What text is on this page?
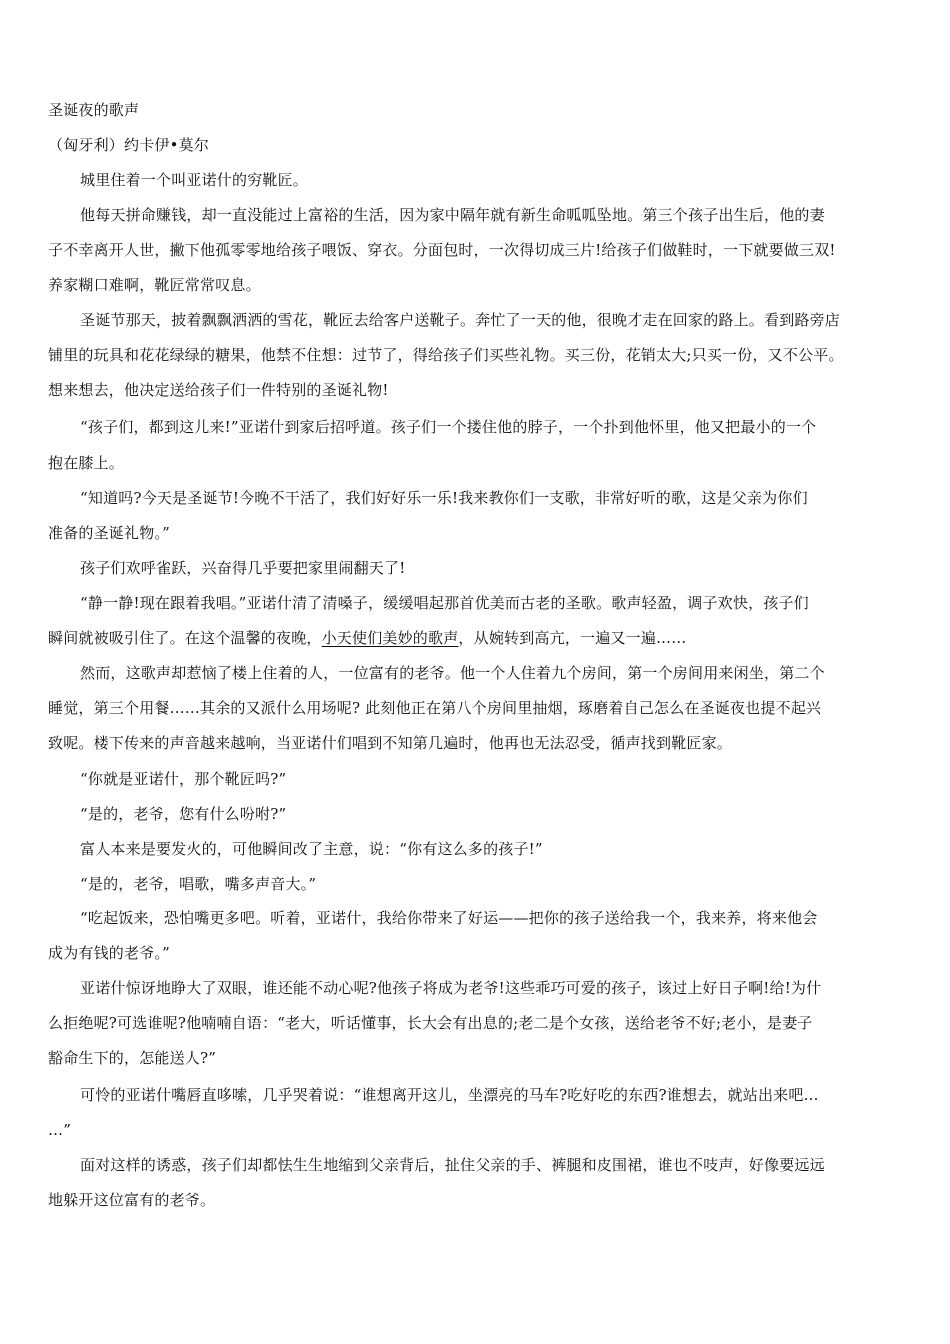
圣诞夜的歌声
（匈牙利）约卡伊•莫尔
城里住着一个叫亚诺什的穷靴匠。
他每天拼命赚钱，却一直没能过上富裕的生活，因为家中隔年就有新生命呱呱坠地。第三个孩子出生后，他的妻
子不幸离开人世，撇下他孤零零地给孩子喂饭、穿衣。分面包时，一次得切成三片!给孩子们做鞋时，一下就要做三双!
养家糊口难啊，靴匠常常叹息。
圣诞节那天，披着飘飘洒洒的雪花，靴匠去给客户送靴子。奔忙了一天的他，很晚才走在回家的路上。看到路旁店
铺里的玩具和花花绿绿的糖果，他禁不住想：过节了，得给孩子们买些礼物。买三份，花销太大;只买一份，又不公平。
想来想去，他决定送给孩子们一件特别的圣诞礼物!
“孩子们，都到这儿来!”亚诺什到家后招呼道。孩子们一个搂住他的脖子，一个扑到他怀里，他又把最小的一个
抱在膝上。
“知道吗?今天是圣诞节!今晚不干活了，我们好好乐一乐!我来教你们一支歌，非常好听的歌，这是父亲为你们
准备的圣诞礼物。”
孩子们欢呼雀跃，兴奋得几乎要把家里闹翻天了!
“静一静!现在跟着我唱。”亚诺什清了清嗓子，缓缓唱起那首优美而古老的圣歌。歌声轻盈，调子欢快，孩子们
瞬间就被吸引住了。在这个温馨的夜晚，小天使们美妙的歌声，从婉转到高亢，一遍又一遍……
然而，这歌声却惹恼了楼上住着的人，一位富有的老爷。他一个人住着九个房间，第一个房间用来闲坐，第二个
睡觉，第三个用餐……其余的又派什么用场呢? 此刻他正在第八个房间里抽烟，琢磨着自己怎么在圣诞夜也提不起兴
致呢。楼下传来的声音越来越响，当亚诺什们唱到不知第几遍时，他再也无法忍受，循声找到靴匠家。
“你就是亚诺什，那个靴匠吗?”
“是的，老爷，您有什么吩咐?”
富人本来是要发火的，可他瞬间改了主意，说：“你有这么多的孩子!”
“是的，老爷，唱歌，嘴多声音大。”
“吃起饭来，恐怕嘴更多吧。听着，亚诺什，我给你带来了好运——把你的孩子送给我一个，我来养，将来他会
成为有钱的老爷。”
亚诺什惊讶地睁大了双眼，谁还能不动心呢?他孩子将成为老爷!这些乖巧可爱的孩子，该过上好日子啊!给!为什
么拒绝呢?可选谁呢?他喃喃自语：“老大，听话懂事，长大会有出息的;老二是个女孩，送给老爷不好;老小，是妻子
豁命生下的，怎能送人?”
可怜的亚诺什嘴唇直哆嗦，几乎哭着说：“谁想离开这儿，坐漂亮的马车?吃好吃的东西?谁想去，就站出来吧…
…”
面对这样的诱惑，孩子们却都怯生生地缩到父亲背后，扯住父亲的手、裤腿和皮围裙，谁也不吱声，好像要远远
地躲开这位富有的老爷。
